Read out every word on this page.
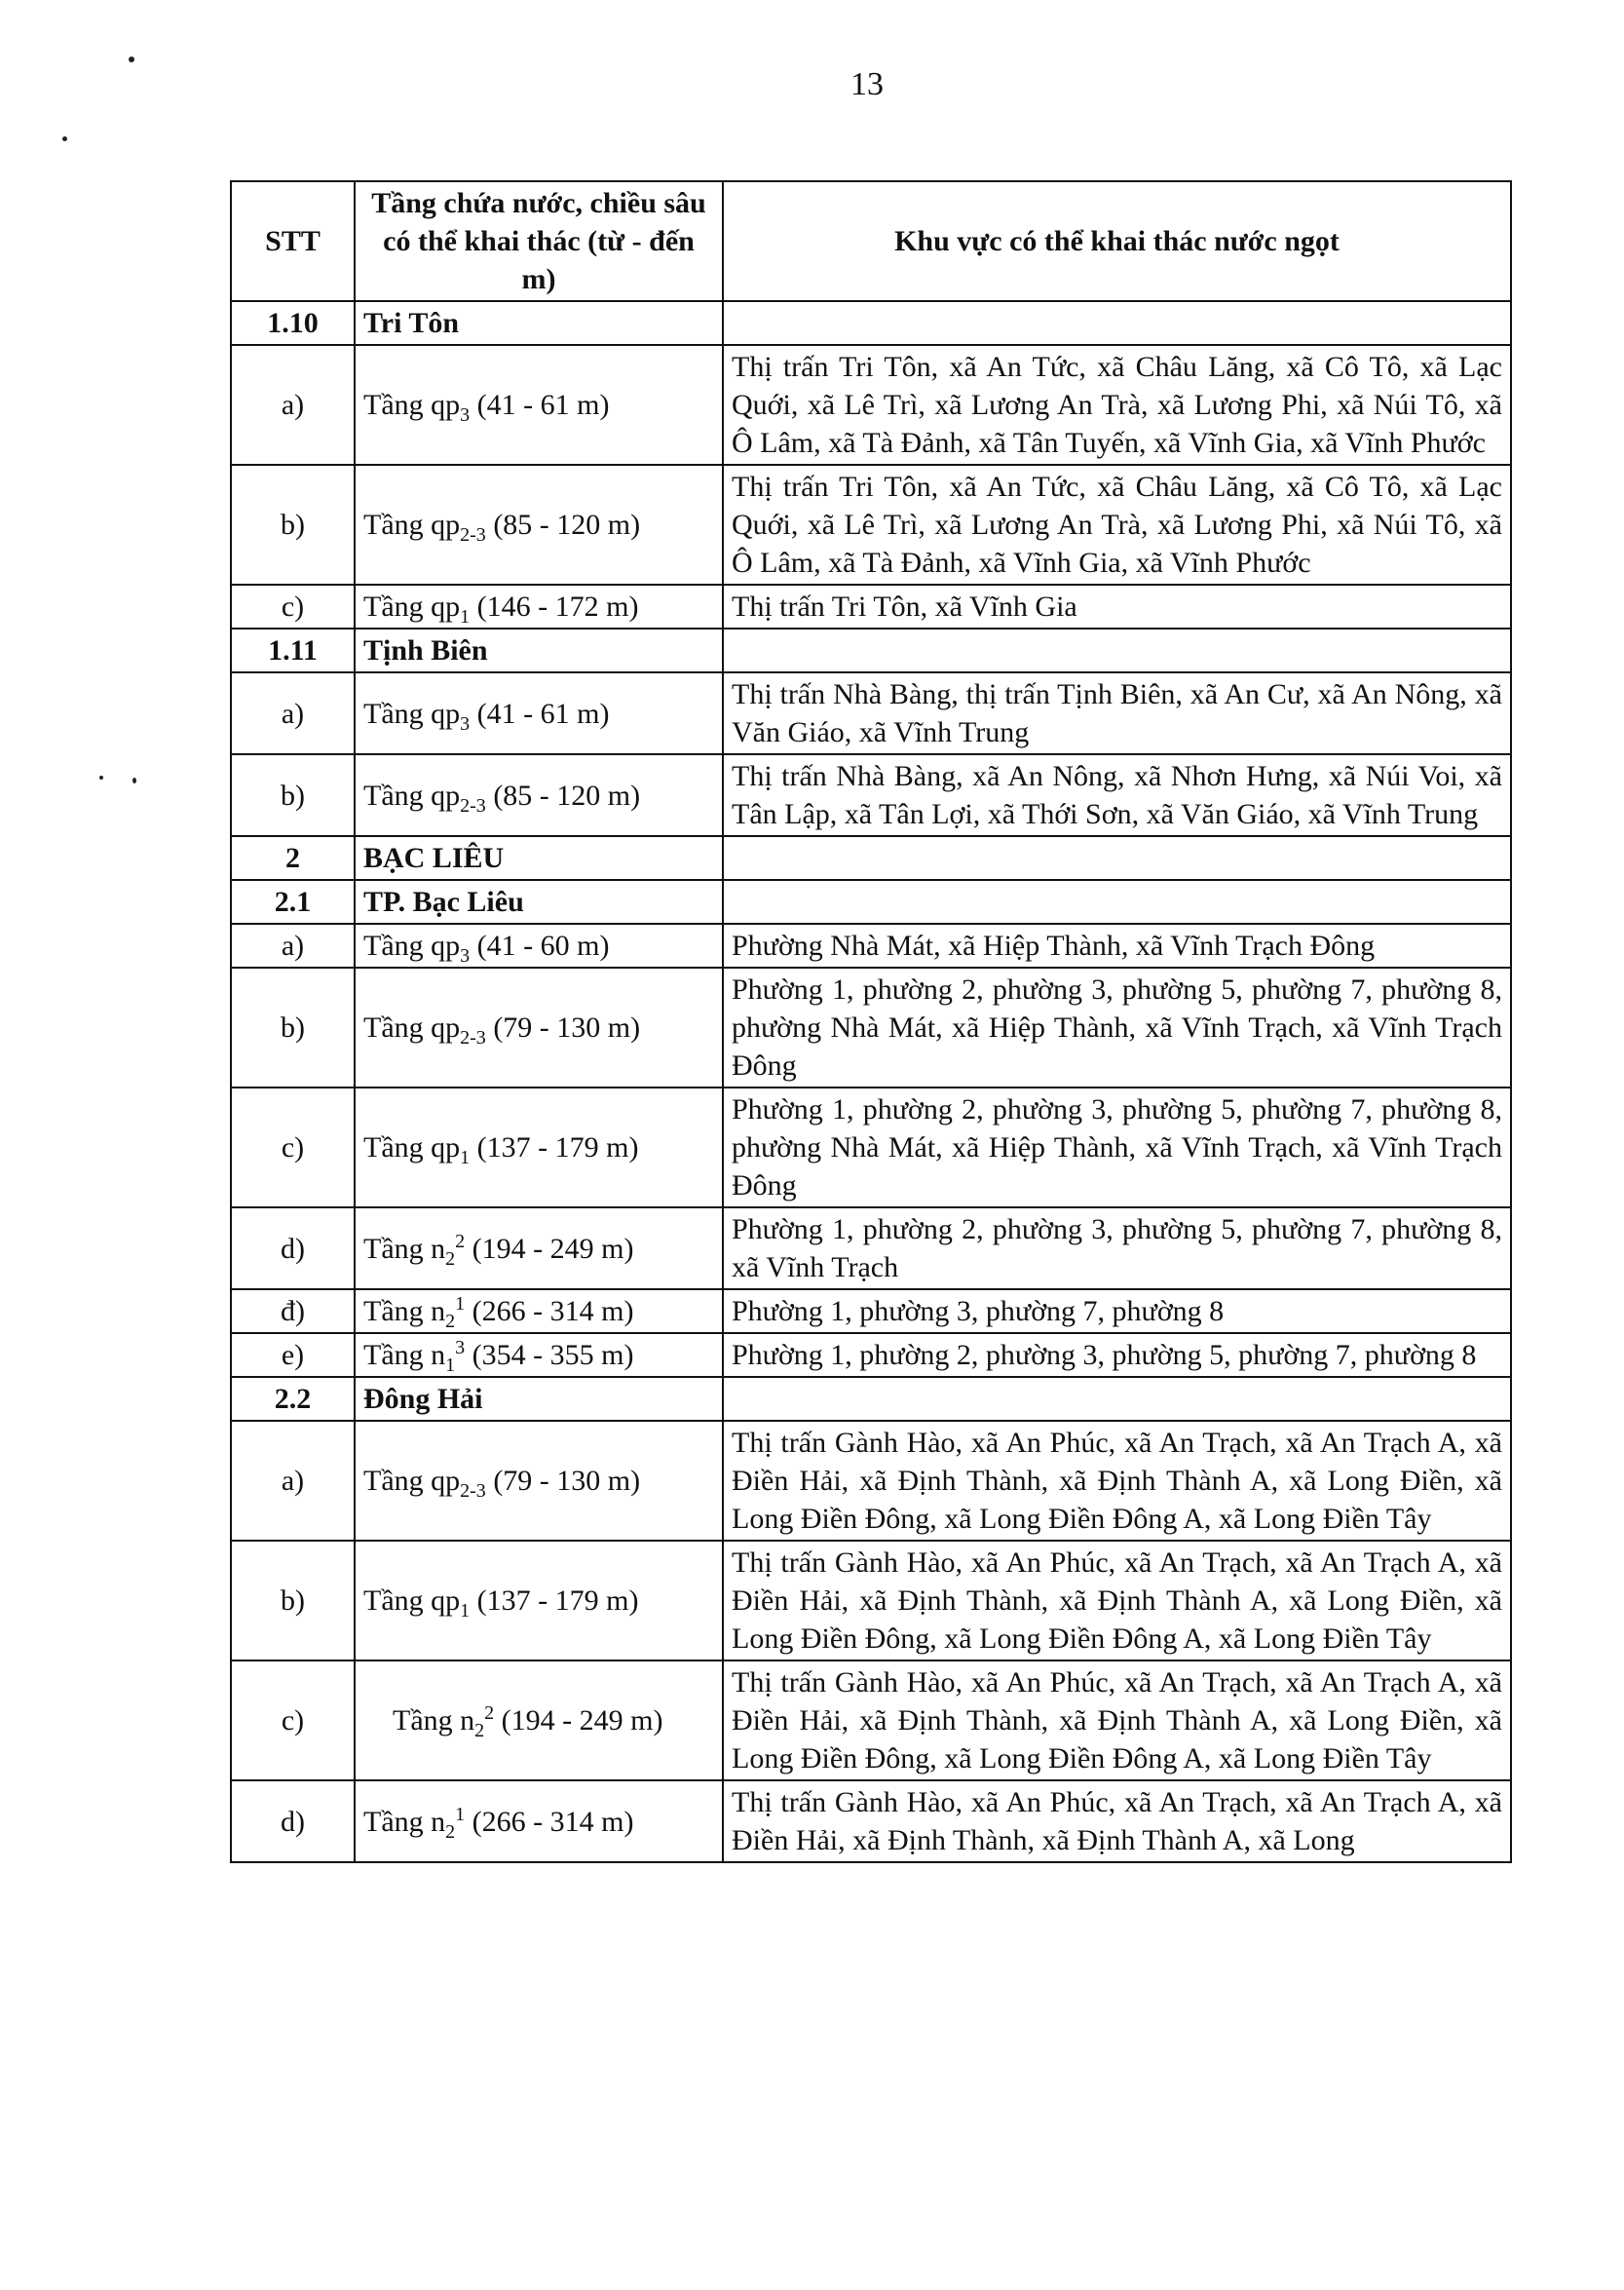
13
STT	Tầng chứa nước, chiều sâu có thể khai thác (từ - đến m)	Khu vực có thể khai thác nước ngọt
1.10	Tri Tôn	
a)	Tầng $qp_3$ (41 - 61 m)	Thị trấn Tri Tôn, xã An Tức, xã Châu Lăng, xã Cô Tô, xã Lạc Quới, xã Lê Trì, xã Lương An Trà, xã Lương Phi, xã Núi Tô, xã Ô Lâm, xã Tà Đảnh, xã Tân Tuyến, xã Vĩnh Gia, xã Vĩnh Phước
b)	Tầng $qp_{2-3}$ (85 - 120 m)	Thị trấn Tri Tôn, xã An Tức, xã Châu Lăng, xã Cô Tô, xã Lạc Quới, xã Lê Trì, xã Lương An Trà, xã Lương Phi, xã Núi Tô, xã Ô Lâm, xã Tà Đảnh, xã Vĩnh Gia, xã Vĩnh Phước
c)	Tầng $qp_1$ (146 - 172 m)	Thị trấn Tri Tôn, xã Vĩnh Gia
1.11	Tịnh Biên	
a)	Tầng $qp_3$ (41 - 61 m)	Thị trấn Nhà Bàng, thị trấn Tịnh Biên, xã An Cư, xã An Nông, xã Văn Giáo, xã Vĩnh Trung
b)	Tầng $qp_{2-3}$ (85 - 120 m)	Thị trấn Nhà Bàng, xã An Nông, xã Nhơn Hưng, xã Núi Voi, xã Tân Lập, xã Tân Lợi, xã Thới Sơn, xã Văn Giáo, xã Vĩnh Trung
2	BẠC LIÊU	
2.1	TP. Bạc Liêu	
a)	Tầng $qp_3$ (41 - 60 m)	Phường Nhà Mát, xã Hiệp Thành, xã Vĩnh Trạch Đông
b)	Tầng $qp_{2-3}$ (79 - 130 m)	Phường 1, phường 2, phường 3, phường 5, phường 7, phường 8, phường Nhà Mát, xã Hiệp Thành, xã Vĩnh Trạch, xã Vĩnh Trạch Đông
c)	Tầng $qp_1$ (137 - 179 m)	Phường 1, phường 2, phường 3, phường 5, phường 7, phường 8, phường Nhà Mát, xã Hiệp Thành, xã Vĩnh Trạch, xã Vĩnh Trạch Đông
d)	Tầng $n_2^2$ (194 - 249 m)	Phường 1, phường 2, phường 3, phường 5, phường 7, phường 8, xã Vĩnh Trạch
đ)	Tầng $n_2^1$ (266 - 314 m)	Phường 1, phường 3, phường 7, phường 8
e)	Tầng $n_1^3$ (354 - 355 m)	Phường 1, phường 2, phường 3, phường 5, phường 7, phường 8
2.2	Đông Hải	
a)	Tầng $qp_{2-3}$ (79 - 130 m)	Thị trấn Gành Hào, xã An Phúc, xã An Trạch, xã An Trạch A, xã Điền Hải, xã Định Thành, xã Định Thành A, xã Long Điền, xã Long Điền Đông, xã Long Điền Đông A, xã Long Điền Tây
b)	Tầng $qp_1$ (137 - 179 m)	Thị trấn Gành Hào, xã An Phúc, xã An Trạch, xã An Trạch A, xã Điền Hải, xã Định Thành, xã Định Thành A, xã Long Điền, xã Long Điền Đông, xã Long Điền Đông A, xã Long Điền Tây
c)	Tầng $n_2^2$ (194 - 249 m)	Thị trấn Gành Hào, xã An Phúc, xã An Trạch, xã An Trạch A, xã Điền Hải, xã Định Thành, xã Định Thành A, xã Long Điền, xã Long Điền Đông, xã Long Điền Đông A, xã Long Điền Tây
d)	Tầng $n_2^1$ (266 - 314 m)	Thị trấn Gành Hào, xã An Phúc, xã An Trạch, xã An Trạch A, xã Điền Hải, xã Định Thành, xã Định Thành A, xã Long
